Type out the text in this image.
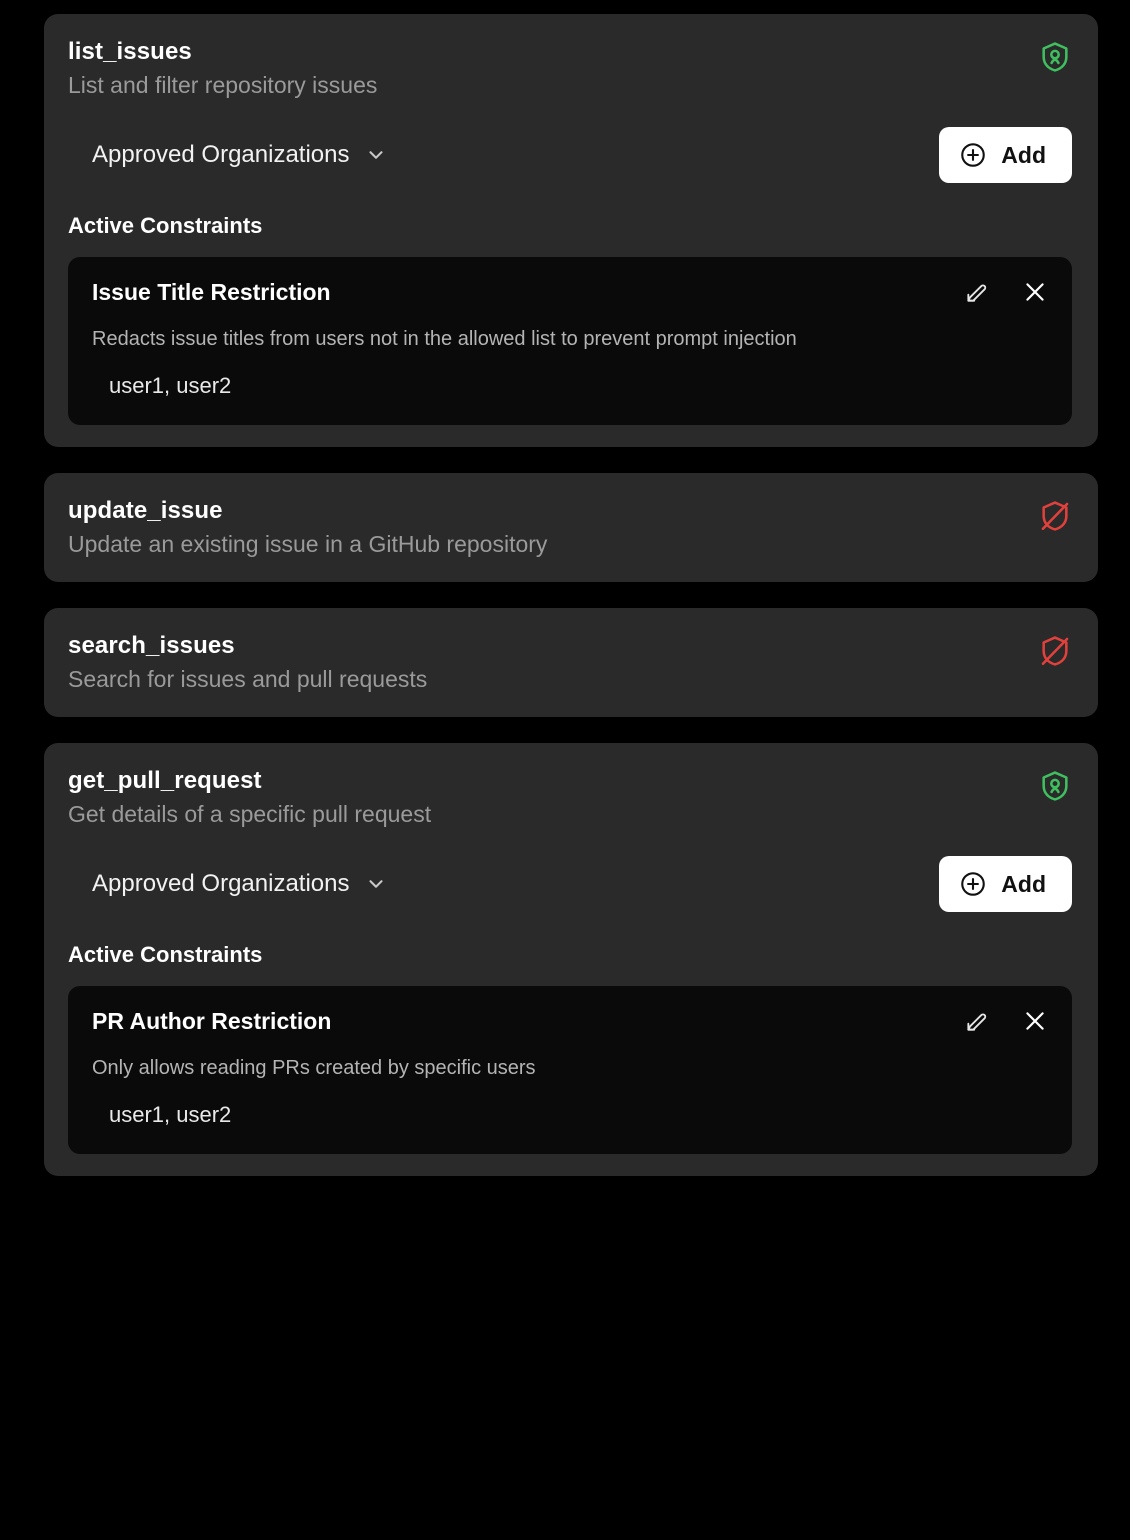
list_issues
List and filter repository issues
Approved Organizations	Add
Active Constraints
Issue Title Restriction
Redacts issue titles from users not in the allowed list to prevent prompt injection
user1, user2
update_issue
Update an existing issue in a GitHub repository
search_issues
Search for issues and pull requests
get_pull_request
Get details of a specific pull request
Approved Organizations	Add
Active Constraints
PR Author Restriction
Only allows reading PRs created by specific users
user1, user2
